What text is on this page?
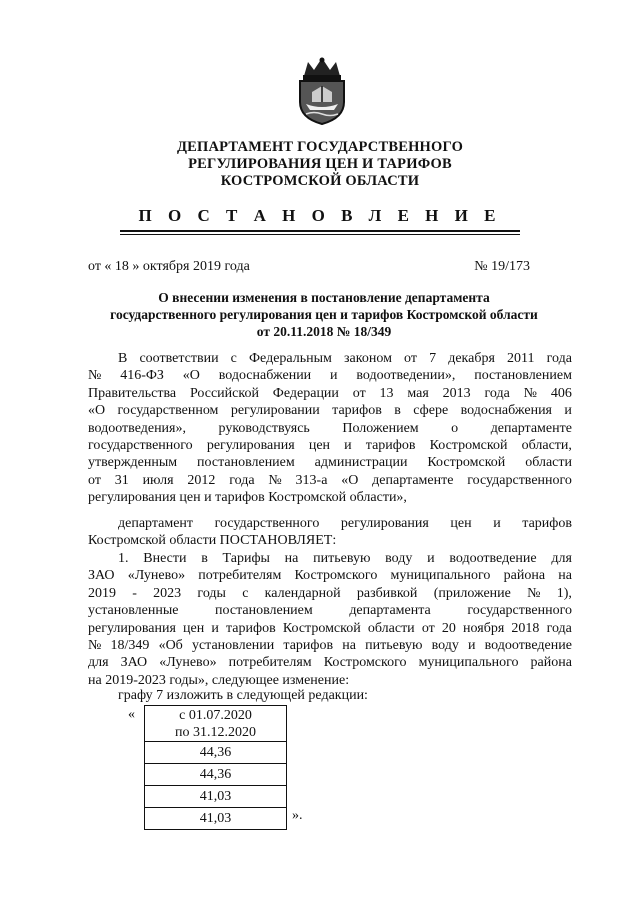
ДЕПАРТАМЕНТ ГОСУДАРСТВЕННОГО
РЕГУЛИРОВАНИЯ ЦЕН И ТАРИФОВ
КОСТРОМСКОЙ ОБЛАСТИ
П О С Т А Н О В Л Е Н И Е
от « 18 » октября 2019 года	№ 19/173
О внесении изменения в постановление департамента
государственного регулирования цен и тарифов Костромской области
от 20.11.2018 № 18/349
В соответствии с Федеральным законом от 7 декабря 2011 года
№ 416-ФЗ «О водоснабжении и водоотведении», постановлением
Правительства Российской Федерации от 13 мая 2013 года № 406
«О государственном регулировании тарифов в сфере водоснабжения и
водоотведения», руководствуясь Положением о департаменте
государственного регулирования цен и тарифов Костромской области,
утвержденным постановлением администрации Костромской области
от 31 июля 2012 года № 313-а «О департаменте государственного
регулирования цен и тарифов Костромской области»,
департамент государственного регулирования цен и тарифов
Костромской области ПОСТАНОВЛЯЕТ:
1. Внести в Тарифы на питьевую воду и водоотведение для
ЗАО «Лунево» потребителям Костромского муниципального района на
2019 - 2023 годы с календарной разбивкой (приложение № 1),
установленные	постановлением	департамента	государственного
регулирования цен и тарифов Костромской области от 20 ноября 2018 года
№ 18/349 «Об установлении тарифов на питьевую воду и водоотведение
для ЗАО «Лунево» потребителям Костромского муниципального района
на 2019-2023 годы», следующее изменение:
графу 7 изложить в следующей редакции:
«	с 01.07.2020
по 31.12.2020

44,36
44,36
41,03
41,03	».
